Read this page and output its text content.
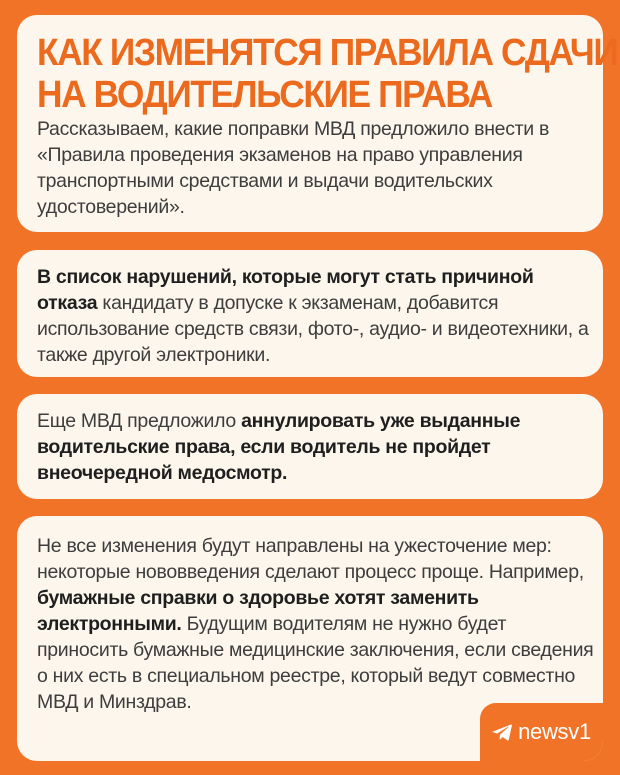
КАК ИЗМЕНЯТСЯ ПРАВИЛА СДАЧИ
НА ВОДИТЕЛЬСКИЕ ПРАВА

Рассказываем, какие поправки МВД предложило внести в «Правила проведения экзаменов на право управления транспортными средствами и выдачи водительских удостоверений».

В список нарушений, которые могут стать причиной отказа кандидату в допуске к экзаменам, добавится использование средств связи, фото-, аудио- и видеотехники, а также другой электроники.

Еще МВД предложило аннулировать уже выданные водительские права, если водитель не пройдет внеочередной медосмотр.

Не все изменения будут направлены на ужесточение мер: некоторые нововведения сделают процесс проще. Например, бумажные справки о здоровье хотят заменить электронными. Будущим водителям не нужно будет приносить бумажные медицинские заключения, если сведения о них есть в специальном реестре, который ведут совместно МВД и Минздрав.

newsv1
